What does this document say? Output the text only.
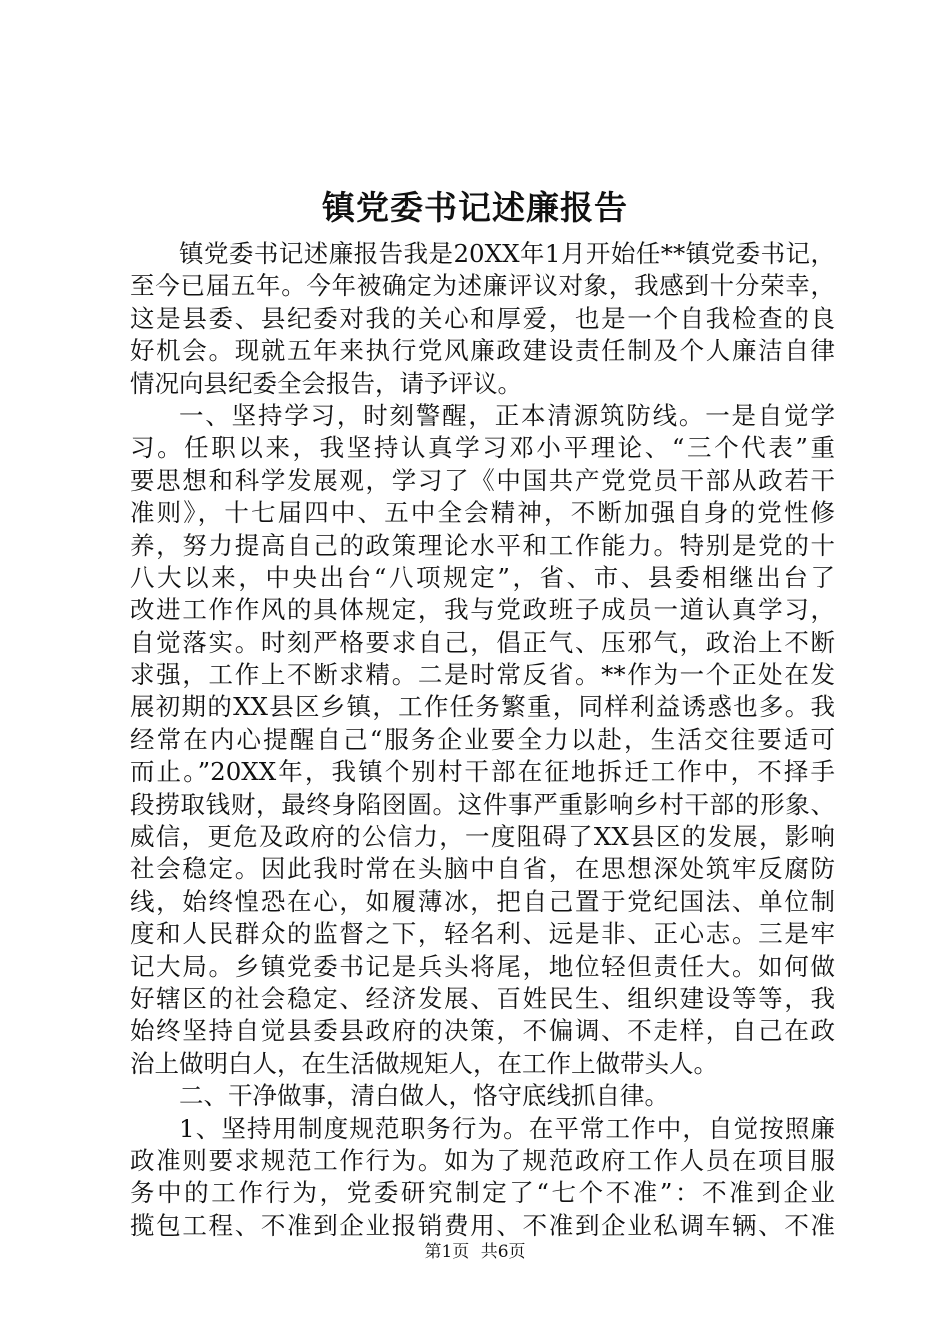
镇党委书记述廉报告
镇党委书记述廉报告我是20XX年1月开始任**镇党委书记，
至今已届五年。今年被确定为述廉评议对象，我感到十分荣幸，
这是县委、县纪委对我的关心和厚爱，也是一个自我检查的良
好机会。现就五年来执行党风廉政建设责任制及个人廉洁自律
情况向县纪委全会报告，请予评议。
一、坚持学习，时刻警醒，正本清源筑防线。一是自觉学
习。任职以来，我坚持认真学习邓小平理论、“三个代表”重
要思想和科学发展观，学习了《中国共产党党员干部从政若干
准则》，十七届四中、五中全会精神，不断加强自身的党性修
养，努力提高自己的政策理论水平和工作能力。特别是党的十
八大以来，中央出台“八项规定”，省、市、县委相继出台了
改进工作作风的具体规定，我与党政班子成员一道认真学习，
自觉落实。时刻严格要求自己，倡正气、压邪气，政治上不断
求强，工作上不断求精。二是时常反省。**作为一个正处在发
展初期的XX县区乡镇，工作任务繁重，同样利益诱惑也多。我
经常在内心提醒自己“服务企业要全力以赴，生活交往要适可
而止。”20XX年，我镇个别村干部在征地拆迁工作中，不择手
段捞取钱财，最终身陷囹圄。这件事严重影响乡村干部的形象、
威信，更危及政府的公信力，一度阻碍了XX县区的发展，影响
社会稳定。因此我时常在头脑中自省，在思想深处筑牢反腐防
线，始终惶恐在心，如履薄冰，把自己置于党纪国法、单位制
度和人民群众的监督之下，轻名利、远是非、正心志。三是牢
记大局。乡镇党委书记是兵头将尾，地位轻但责任大。如何做
好辖区的社会稳定、经济发展、百姓民生、组织建设等等，我
始终坚持自觉县委县政府的决策，不偏调、不走样，自己在政
治上做明白人，在生活做规矩人，在工作上做带头人。
二、干净做事，清白做人，恪守底线抓自律。
1、坚持用制度规范职务行为。在平常工作中，自觉按照廉
政准则要求规范工作行为。如为了规范政府工作人员在项目服
务中的工作行为，党委研究制定了“七个不准”：不准到企业
揽包工程、不准到企业报销费用、不准到企业私调车辆、不准
第1页 共6页
